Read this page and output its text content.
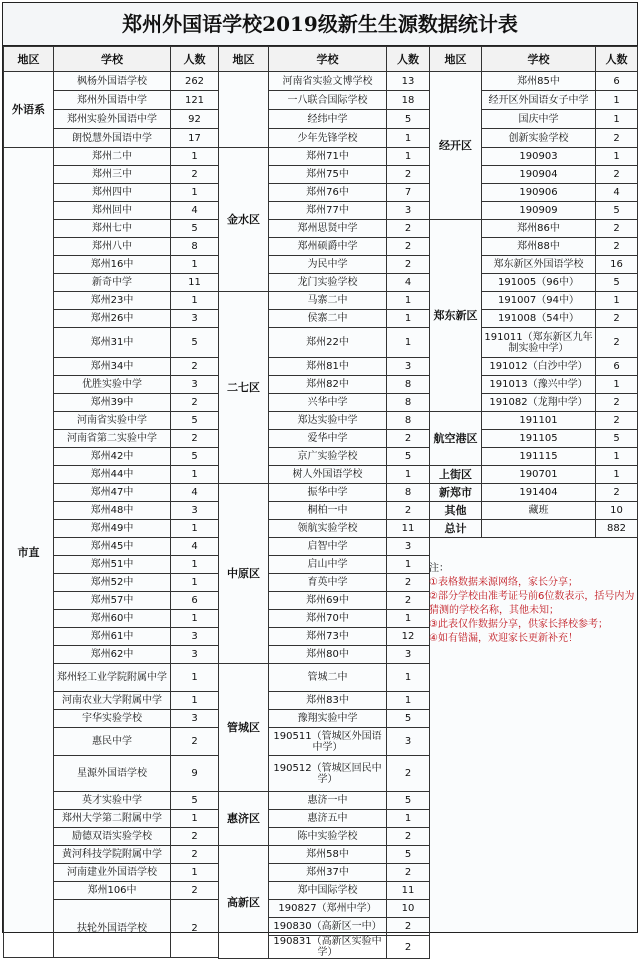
郑州外国语学校2019级新生生源数据统计表
地区	学校	人数
外语系	枫杨外国语学校	262
	郑州外国语中学	121
	郑州实验外国语中学	92
	朗悦慧外国语中学	17
市直	郑州二中	1
	郑州三中	2
	郑州四中	1
	郑州回中	4
	郑州七中	5
	郑州八中	8
	郑州16中	1
	新奇中学	11
	郑州23中	1
	郑州26中	3
	郑州31中	5
	郑州34中	2
	优胜实验中学	3
	郑州39中	2
	河南省实验中学	5
	河南省第二实验中学	2
	郑州42中	5
	郑州44中	1
	郑州47中	4
	郑州48中	3
	郑州49中	1
	郑州45中	4
	郑州51中	1
	郑州52中	1
	郑州57中	6
	郑州60中	1
	郑州61中	3
	郑州62中	3
	郑州轻工业学院附属中学	1
	河南农业大学附属中学	1
	宇华实验学校	3
	惠民中学	2
	星源外国语学校	9
	英才实验中学	5
	郑州大学第二附属中学	1
	励德双语实验学校	2
	黄河科技学院附属中学	2
	河南建业外国语学校	1
	郑州106中	2
	扶轮外国语学校	2
地区	学校	人数
	河南省实验文博学校	13
	一八联合国际学校	18
	经纬中学	5
	少年先锋学校	1
金水区	郑州71中	1
	郑州75中	2
	郑州76中	7
	郑州77中	3
	郑州思贤中学	2
	郑州硕爵中学	2
	为民中学	2
	龙门实验学校	4
二七区	马寨二中	1
	侯寨二中	1
	郑州22中	1
	郑州81中	3
	郑州82中	8
	兴华中学	8
	郑达实验中学	8
	爱华中学	2
	京广实验学校	5
	树人外国语学校	1
中原区	振华中学	8
	桐柏一中	2
	领航实验学校	11
	启智中学	3
	启山中学	1
	育英中学	2
	郑州69中	2
	郑州70中	1
	郑州73中	12
	郑州80中	3
管城区	管城二中	1
	郑州83中	1
	豫翔实验中学	5
	190511（管城区外国语中学）	3
	190512（管城区回民中学）	2
惠济区	惠济一中	5
	惠济五中	1
	陈中实验学校	2
高新区	郑州58中	5
	郑州37中	2
	郑中国际学校	11
	190827（郑州中学）	10
	190830（高新区一中）	2
	190831（高新区实验中学）	2
地区	学校	人数
经开区	郑州85中	6
	经开区外国语女子中学	1
	国庆中学	1
	创新实验学校	2
	190903	1
	190904	2
	190906	4
	190909	5
郑东新区	郑州86中	2
	郑州88中	2
	郑东新区外国语学校	16
	191005（96中）	5
	191007（94中）	1
	191008（54中）	2
	191011（郑东新区九年制实验中学）	2
	191012（白沙中学）	6
	191013（豫兴中学）	1
	191082（龙翔中学）	2
航空港区	191101	2
	191105	5
	191115	1
上街区	190701	1
新郑市	191404	2
其他	藏班	10
总计		882
注：
①表格数据来源网络，家长分享；
②部分学校由准考证号前6位数表示，括号内为猜测的学校名称，其他未知；
③此表仅作数据分享，供家长择校参考；
④如有错漏，欢迎家长更新补充！
